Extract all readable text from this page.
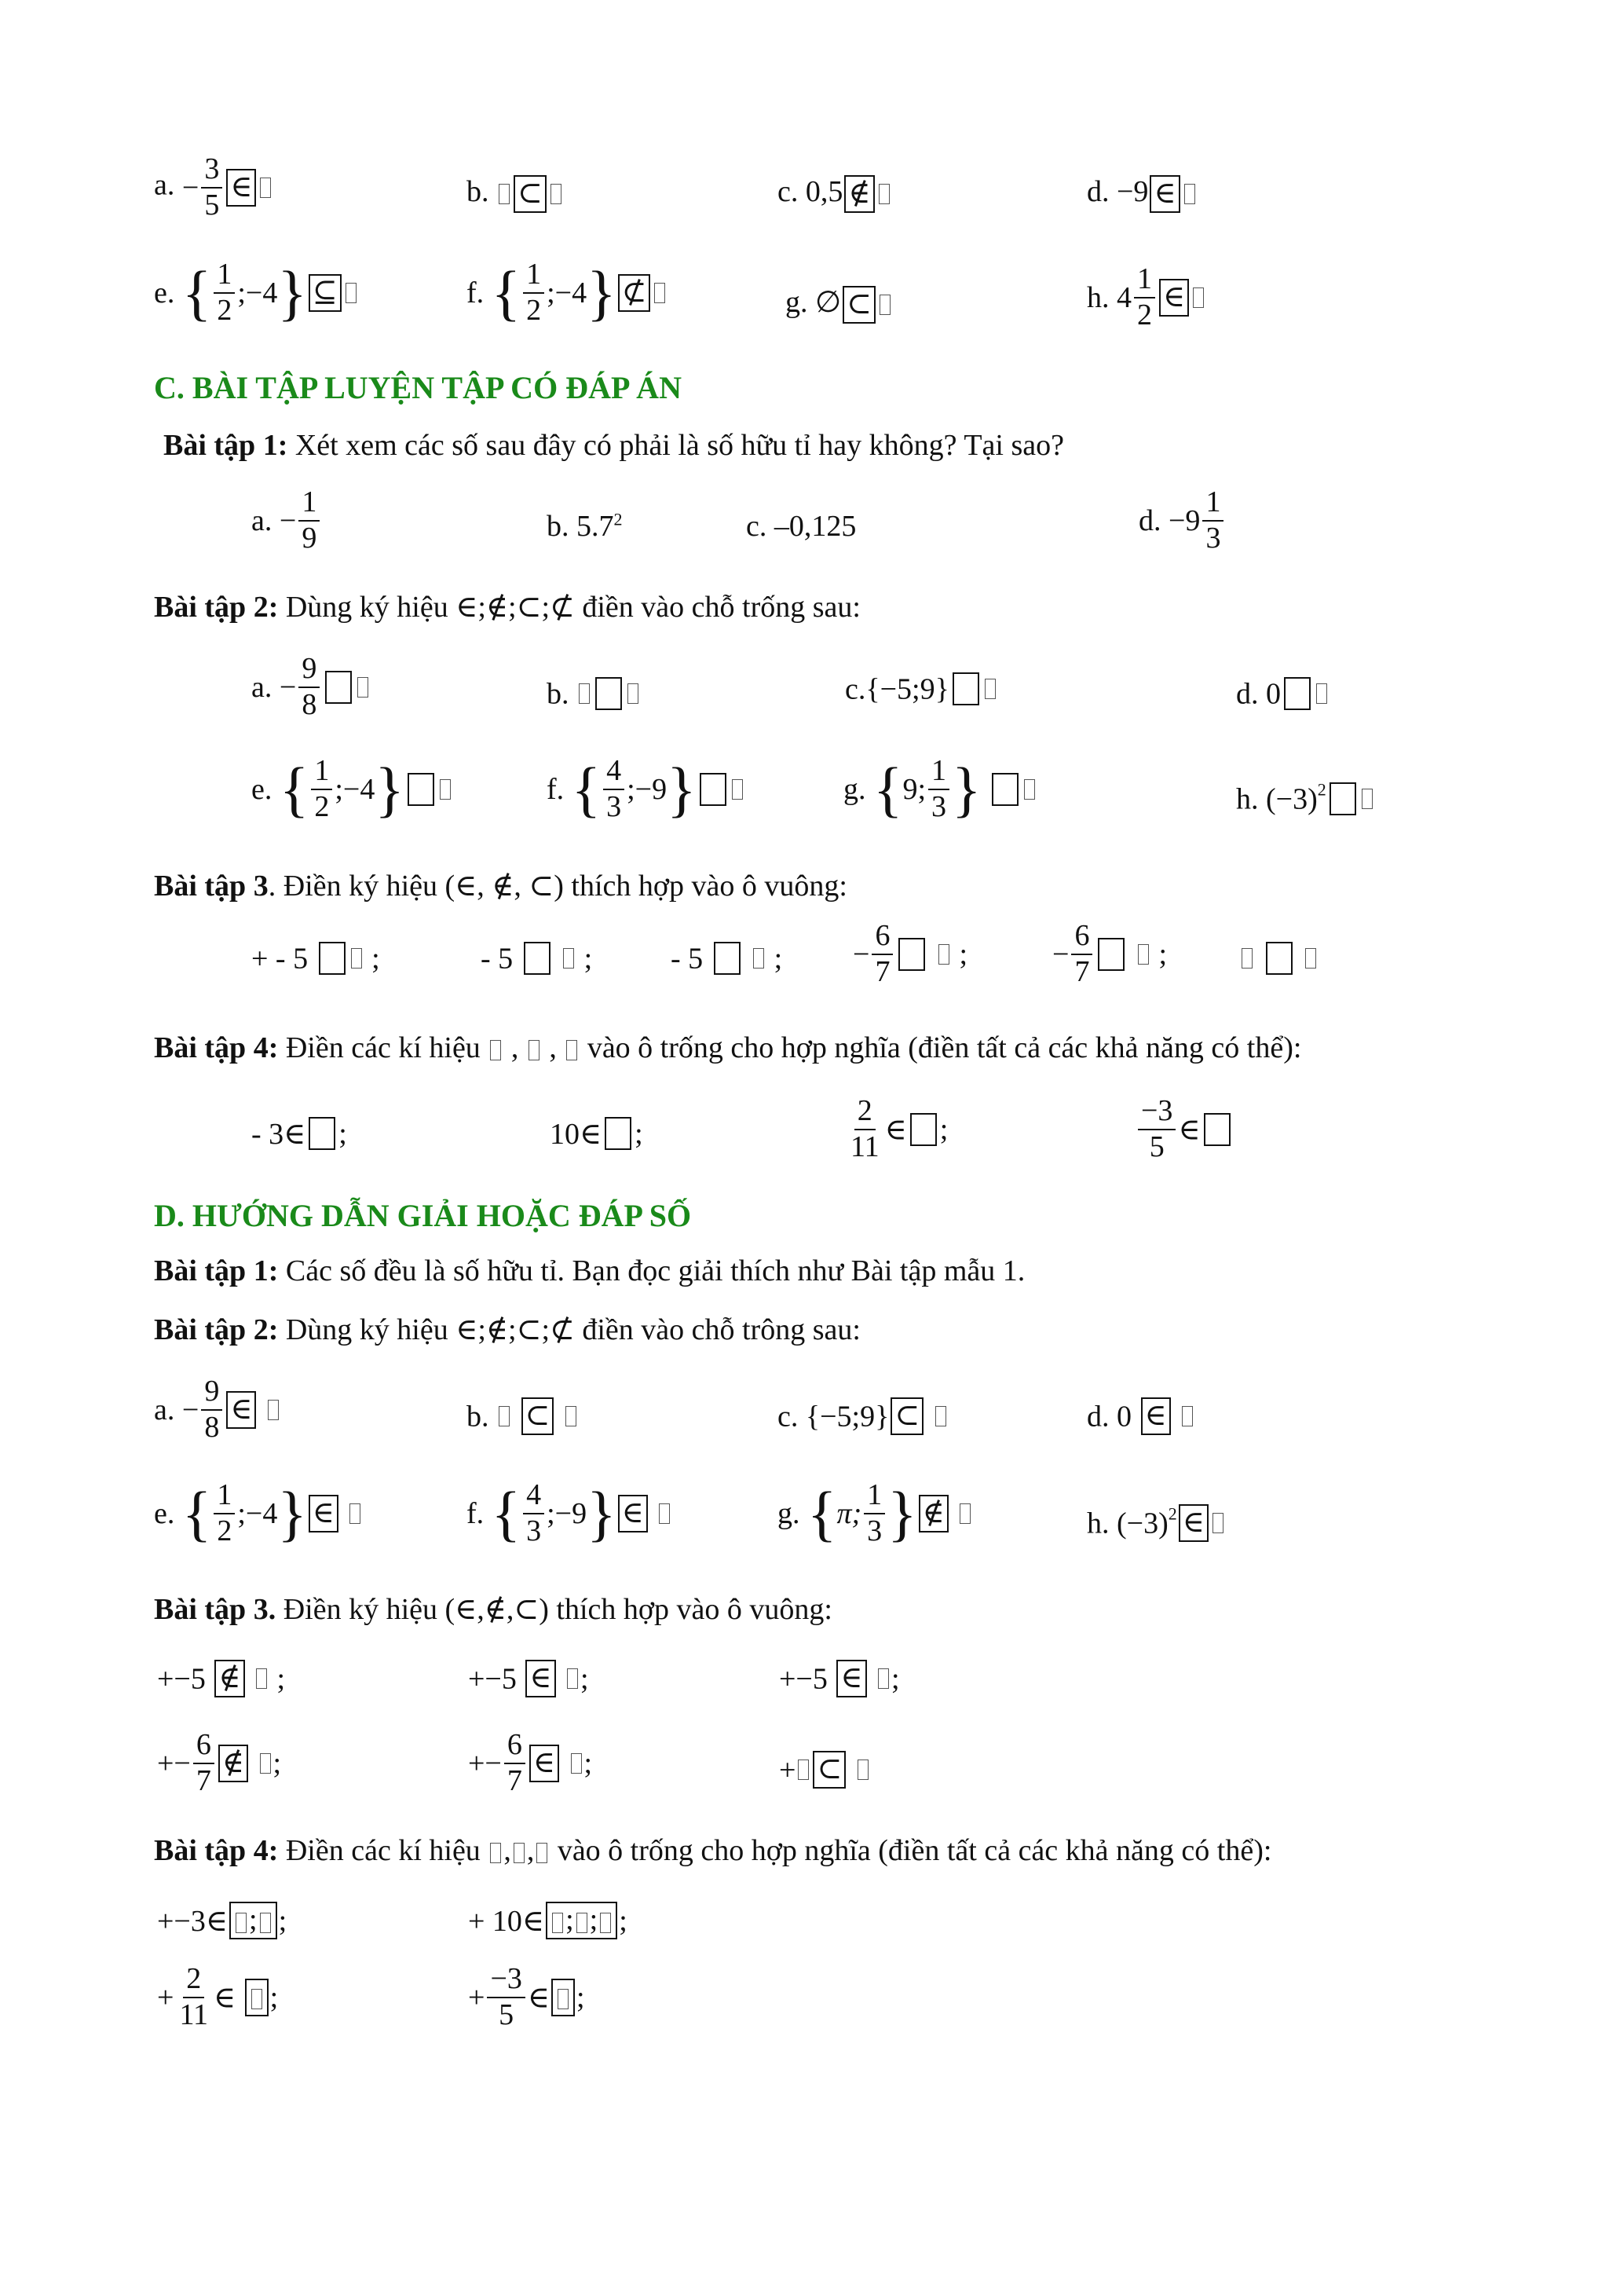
a. − $\frac{3}{5}$ ∈	b. ⊂	c. 0,5 ∉	d. −9 ∈
e. { $\frac{1}{2}$ ;−4} ⊆	f. { $\frac{1}{2}$ ;−4} ⊄	g. ∅ ⊂	h. $4 \frac{1}{2}$ ∈
C. BÀI TẬP LUYỆN TẬP CÓ ĐÁP ÁN
Bài tập 1: Xét xem các số sau đây có phải là số hữu tỉ hay không? Tại sao?
a. − $\frac{1}{9}$	b. $5.7^2$	c. –0,125	d. $-9 \frac{1}{3}$
Bài tập 2: Dùng ký hiệu ∈;∉;⊂;⊄ điền vào chỗ trống sau:
a. − $\frac{9}{8}$	b.	c.{−5;9}	d. 0
e. { $\frac{1}{2}$ ;−4}	f. { $\frac{4}{3}$ ;−9}	g. {9; $\frac{1}{3}$ }	h. $(-3)^2$
Bài tập 3. Điền ký hiệu (∈, ∉, ⊂) thích hợp vào ô vuông:
+ - 5 ;	- 5 ;	- 5 ; − $\frac{6}{7}$ ;	− $\frac{6}{7}$ ;

Bài tập 4: Điền các kí hiệu  ,  ,  vào ô trống cho hợp nghĩa (điền tất cả các khả năng có thể):
- 3∈ ;	10∈ ;	$\frac{2}{11}$ ∈ ;	$\frac{-3}{5}$ ∈
D. HƯỚNG DẪN GIẢI HOẶC ĐÁP SỐ
Bài tập 1: Các số đều là số hữu tỉ. Bạn đọc giải thích như Bài tập mẫu 1.
Bài tập 2: Dùng ký hiệu ∈;∉;⊂;⊄ điền vào chỗ trông sau:
a. − $\frac{9}{8}$ ∈	b. ⊂	c. {−5;9} ⊂	d. 0 ∈
e. { $\frac{1}{2}$ ;−4} ∈	f. { $\frac{4}{3}$ ;−9} ∈	g. {π; $\frac{1}{3}$ } ∉	h. $(-3)^2$ ∈
Bài tập 3. Điền ký hiệu (∈,∉,⊂) thích hợp vào ô vuông:
+−5 ∉ ;	+−5 ∈ ;	+−5 ∈ ;
+− $\frac{6}{7}$ ∉ ;	+− $\frac{6}{7}$ ∈ ;	+ ⊂
Bài tập 4: Điền các kí hiệu , , vào ô trống cho hợp nghĩa (điền tất cả các khả năng có thể):
+−3∈ ; ;	+ 10∈ ; ; ;
+ $\frac{2}{11}$ ∈ ;	+ $\frac{-3}{5}$ ∈ ;
